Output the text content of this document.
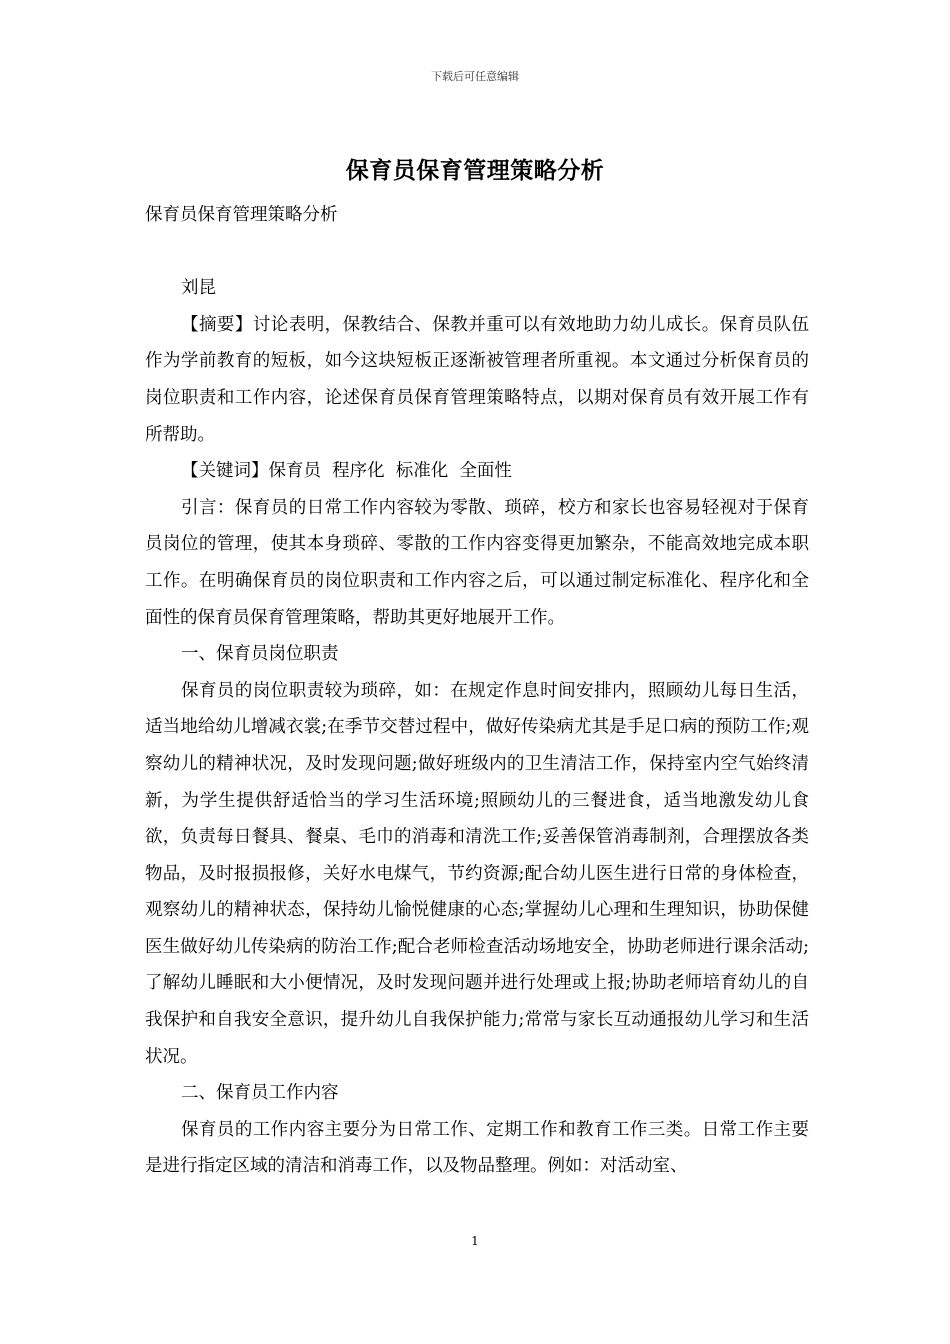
下载后可任意编辑
保育员保育管理策略分析

保育员保育管理策略分析

刘昆

【摘要】讨论表明，保教结合、保教并重可以有效地助力幼儿成长。保育员队伍作为学前教育的短板，如今这块短板正逐渐被管理者所重视。本文通过分析保育员的岗位职责和工作内容，论述保育员保育管理策略特点，以期对保育员有效开展工作有所帮助。

【关键词】保育员  程序化  标准化  全面性

引言：保育员的日常工作内容较为零散、琐碎，校方和家长也容易轻视对于保育员岗位的管理，使其本身琐碎、零散的工作内容变得更加繁杂，不能高效地完成本职工作。在明确保育员的岗位职责和工作内容之后，可以通过制定标准化、程序化和全面性的保育员保育管理策略，帮助其更好地展开工作。

一、保育员岗位职责

保育员的岗位职责较为琐碎，如：在规定作息时间安排内，照顾幼儿每日生活，适当地给幼儿增减衣裳;在季节交替过程中，做好传染病尤其是手足口病的预防工作;观察幼儿的精神状况，及时发现问题;做好班级内的卫生清洁工作，保持室内空气始终清新，为学生提供舒适恰当的学习生活环境;照顾幼儿的三餐进食，适当地激发幼儿食欲，负责每日餐具、餐桌、毛巾的消毒和清洗工作;妥善保管消毒制剂，合理摆放各类物品，及时报损报修，关好水电煤气，节约资源;配合幼儿医生进行日常的身体检查，观察幼儿的精神状态，保持幼儿愉悦健康的心态;掌握幼儿心理和生理知识，协助保健医生做好幼儿传染病的防治工作;配合老师检查活动场地安全，协助老师进行课余活动;了解幼儿睡眠和大小便情况，及时发现问题并进行处理或上报;协助老师培育幼儿的自我保护和自我安全意识，提升幼儿自我保护能力;常常与家长互动通报幼儿学习和生活状况。

二、保育员工作内容

保育员的工作内容主要分为日常工作、定期工作和教育工作三类。日常工作主要是进行指定区域的清洁和消毒工作，以及物品整理。例如：对活动室、

1
